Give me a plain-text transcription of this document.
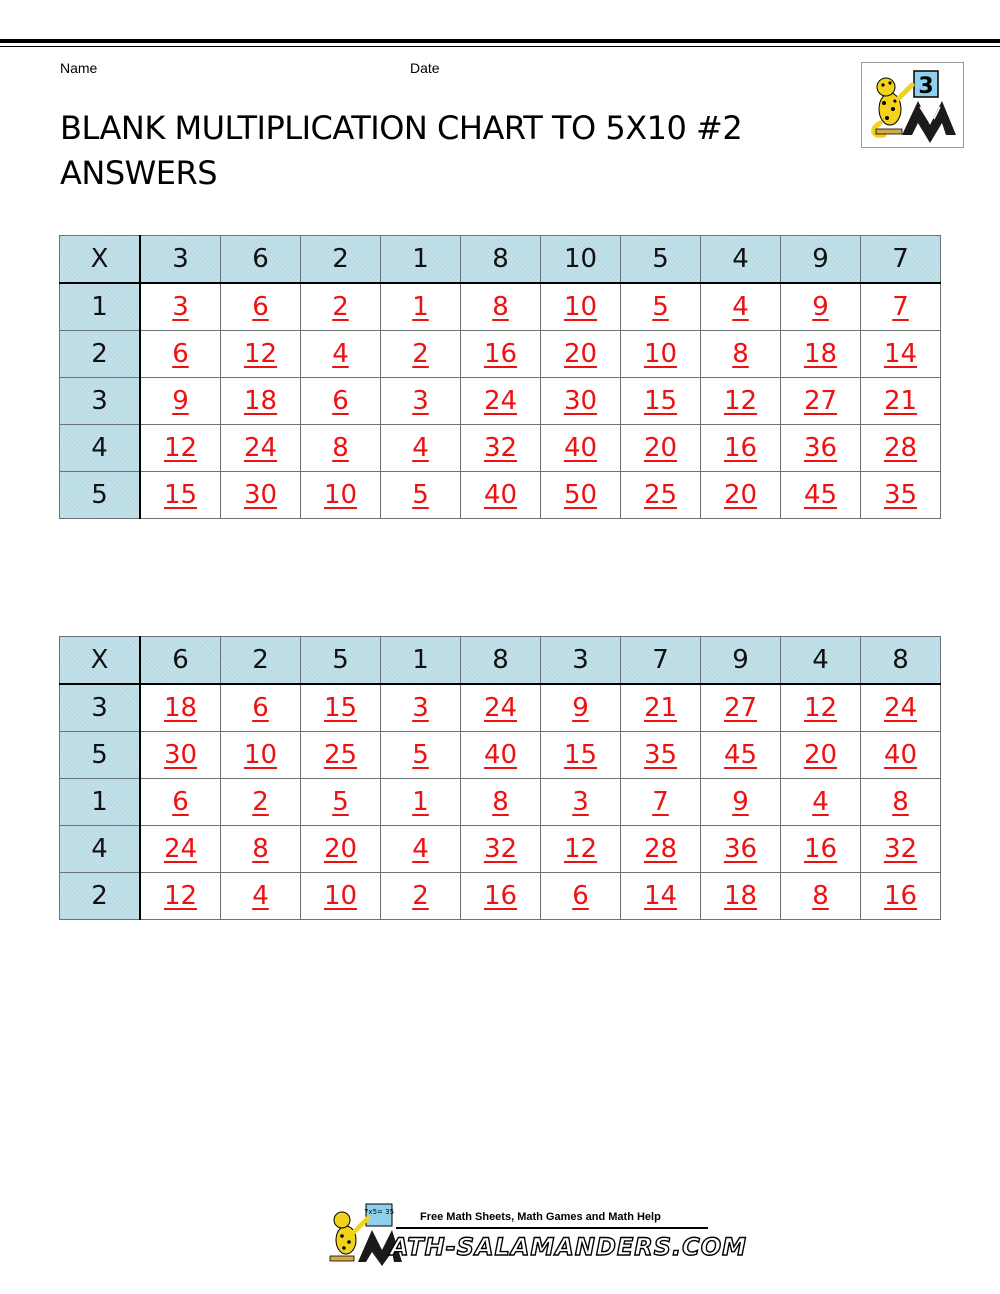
Name	Date
BLANK MULTIPLICATION CHART TO 5X10 #2
ANSWERS
3
X	3	6	2	1	8	10	5	4	9	7
1	3	6	2	1	8	10	5	4	9	7
2	6	12	4	2	16	20	10	8	18	14
3	9	18	6	3	24	30	15	12	27	21
4	12	24	8	4	32	40	20	16	36	28
5	15	30	10	5	40	50	25	20	45	35
X	6	2	5	1	8	3	7	9	4	8
3	18	6	15	3	24	9	21	27	12	24
5	30	10	25	5	40	15	35	45	20	40
1	6	2	5	1	8	3	7	9	4	8
4	24	8	20	4	32	12	28	36	16	32
2	12	4	10	2	16	6	14	18	8	16
7x5= 35 Free Math Sheets, Math Games and Math Help
ATH-SALAMANDERS.COM
